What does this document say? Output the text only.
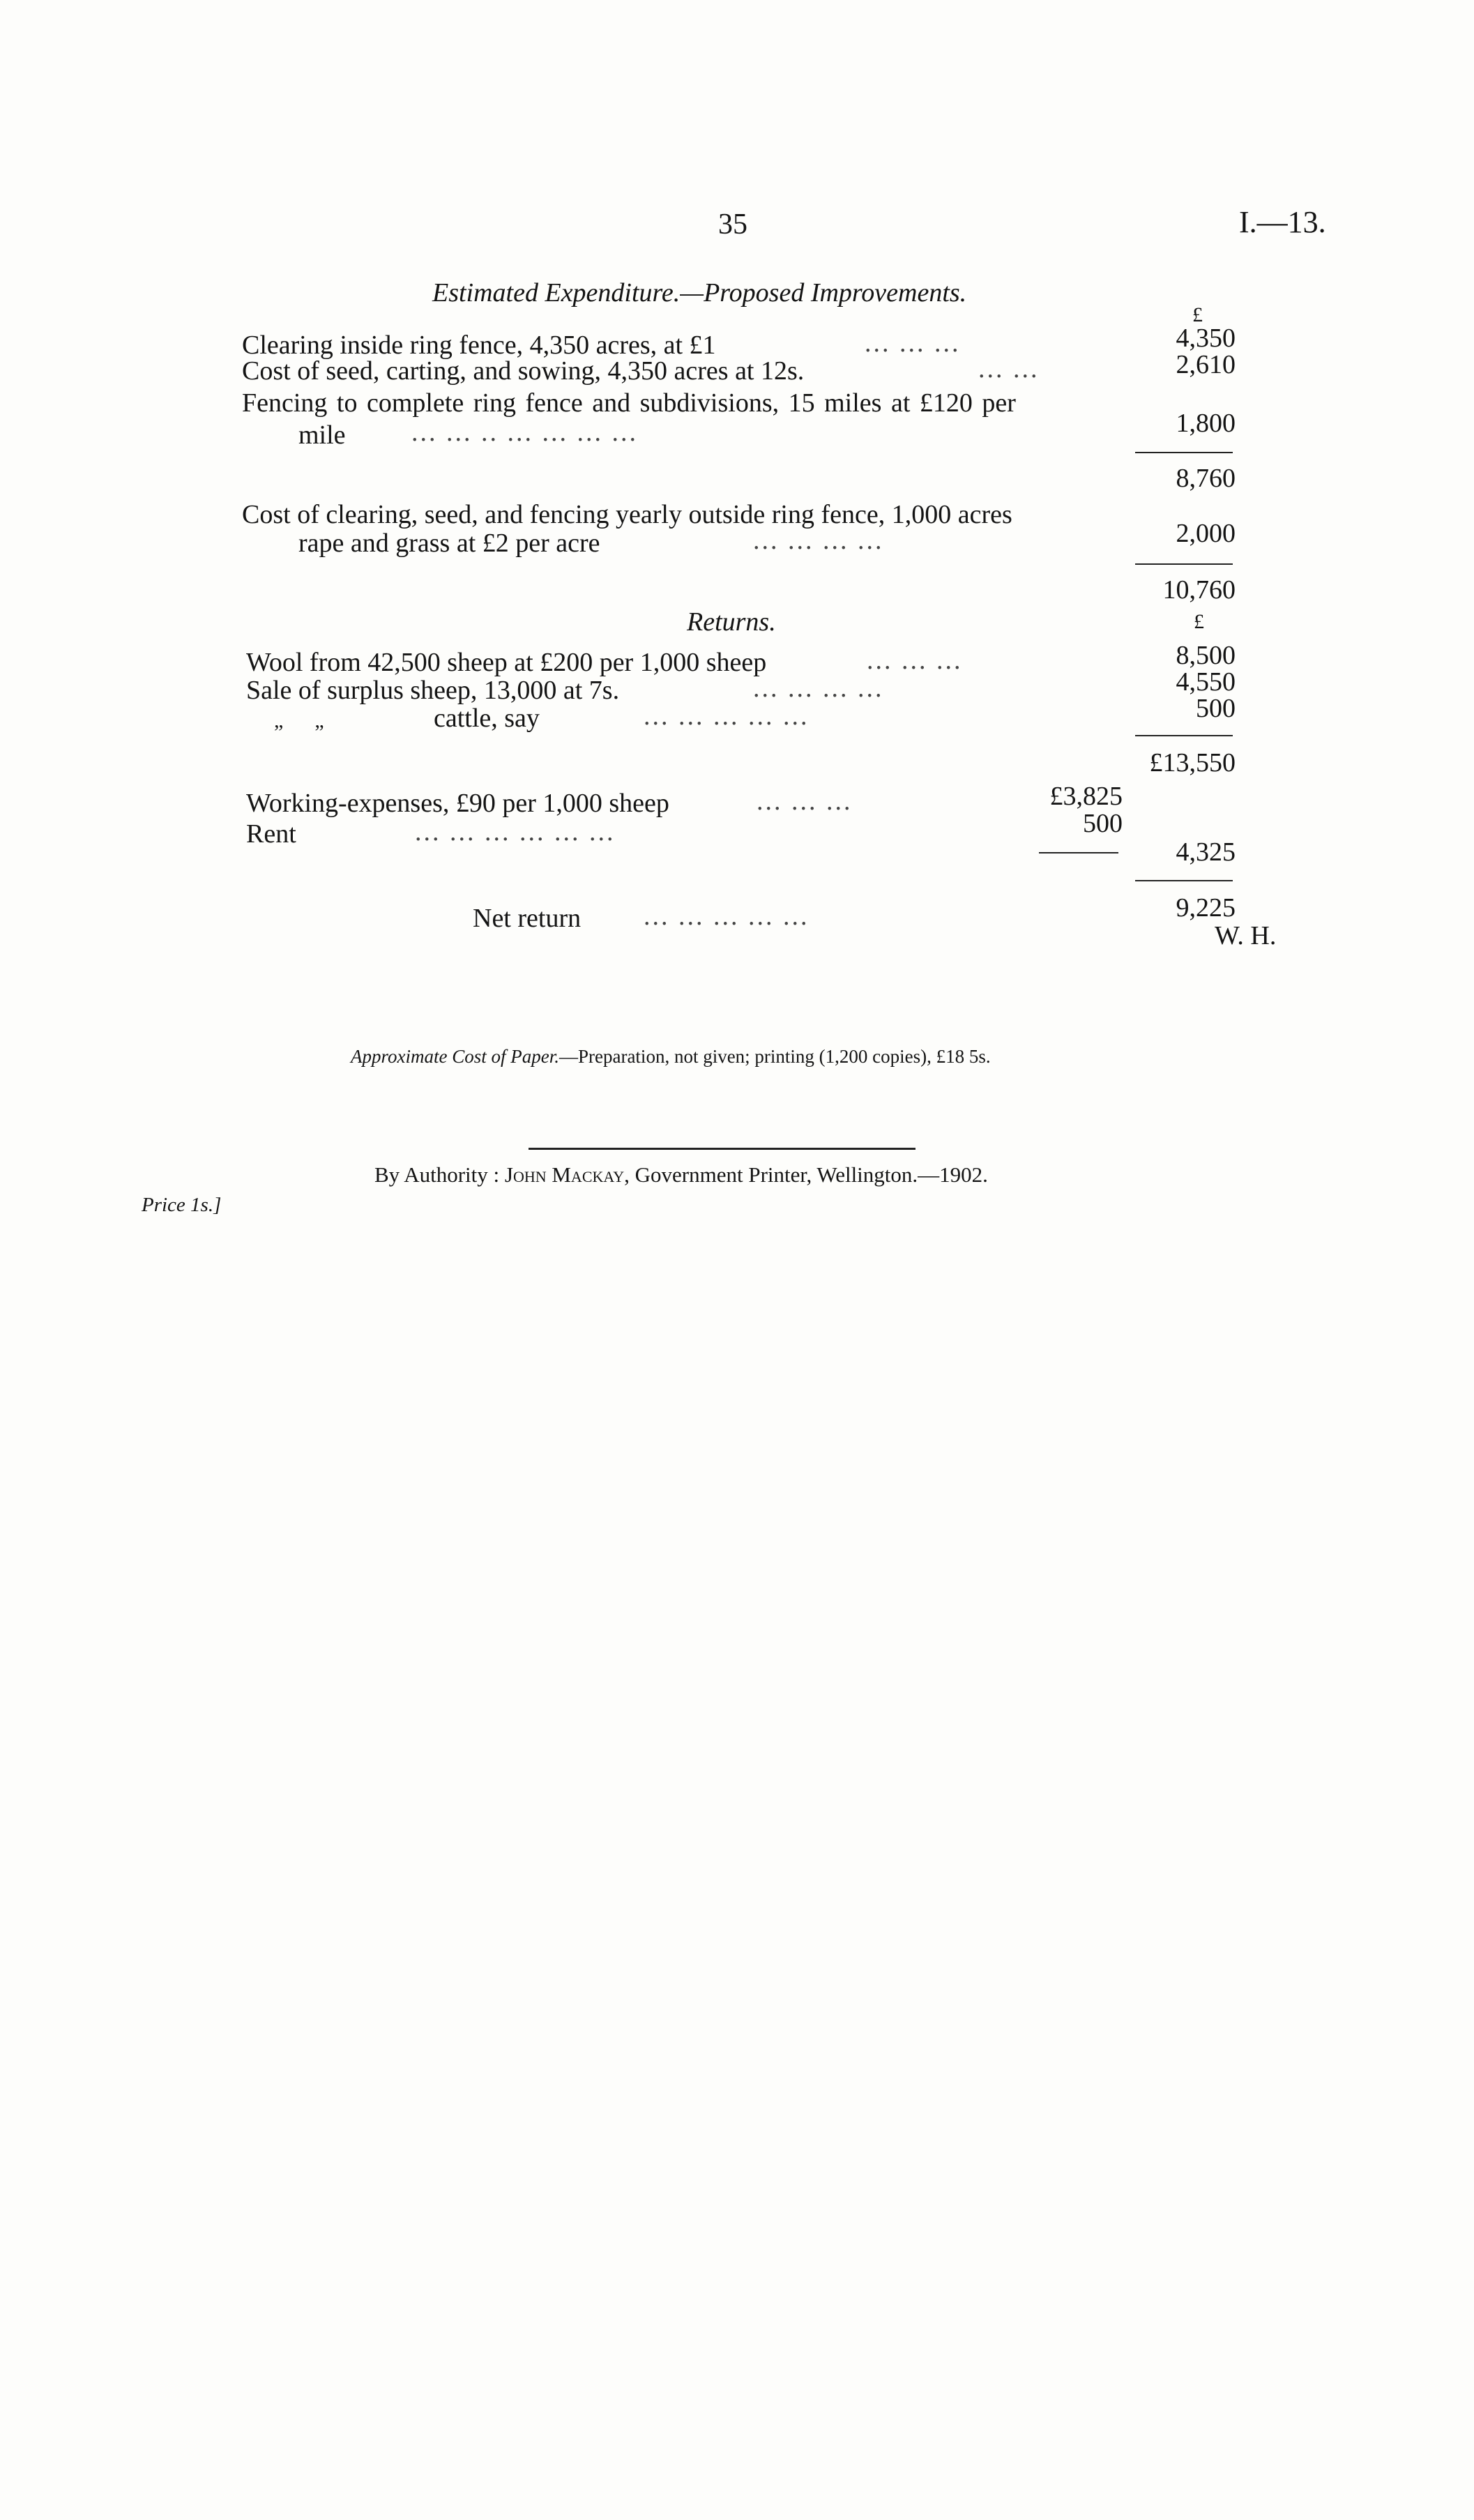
35	I.—13.
Estimated Expenditure.—Proposed Improvements.
£
Clearing inside ring fence, 4,350 acres, at £1	... ... ...	4,350
Cost of seed, carting, and sowing, 4,350 acres at 12s.	... ...	2,610
Fencing to complete ring fence and subdivisions, 15 miles at £120 per
mile ... ... .. ... ... ... ...	1,800
8,760
Cost of clearing, seed, and fencing yearly outside ring fence, 1,000 acres
rape and grass at £2 per acre	... ... ... ...	2,000
10,760
Returns.	£
Wool from 42,500 sheep at £200 per 1,000 sheep	... ... ...	8,500
Sale of surplus sheep, 13,000 at 7s.	... ... ... ...	4,550
„      „	cattle, say	... ... ... ... ...	500
£13,550
Working-expenses, £90 per 1,000 sheep	... ... ...	£3,825
Rent	... ... ... ... ... ...	500
4,325
Net return ... ... ... ... ...	9,225
W. H.
Approximate Cost of Paper.—Preparation, not given; printing (1,200 copies), £18 5s.
By Authority : John Mackay, Government Printer, Wellington.—1902.
Price 1s.]
